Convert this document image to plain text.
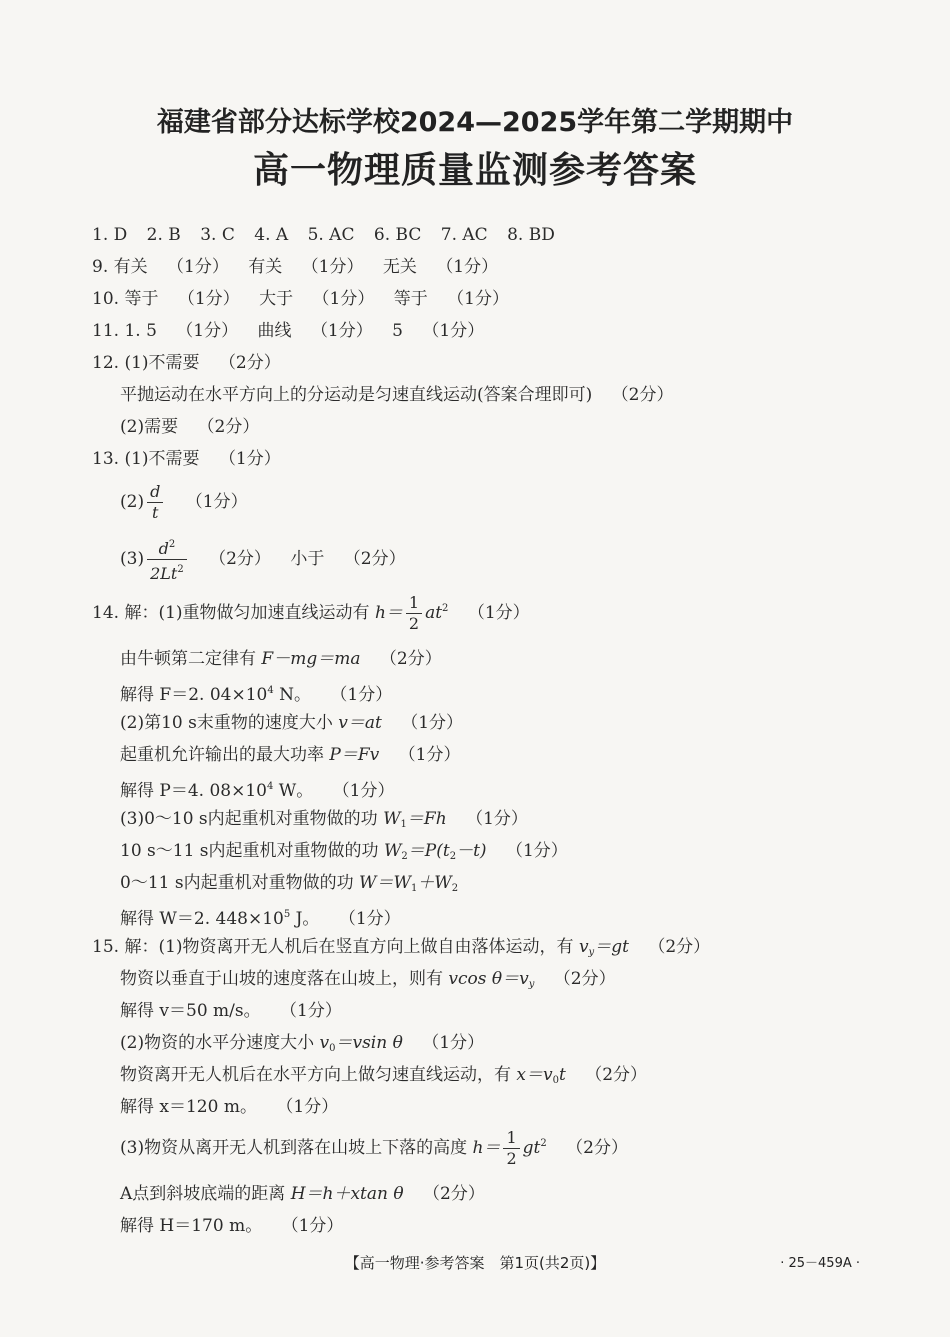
福建省部分达标学校2024—2025学年第二学期期中
高一物理质量监测参考答案
1. D 2. B 3. C 4. A 5. AC 6. BC 7. AC 8. BD
9. 有关 （1分） 有关 （1分） 无关 （1分）
10. 等于 （1分） 大于 （1分） 等于 （1分）
11. 1. 5 （1分） 曲线 （1分） 5 （1分）
12. (1)不需要 （2分）
平抛运动在水平方向上的分运动是匀速直线运动(答案合理即可) （2分）
(2)需要 （2分）
13. (1)不需要 （1分）
$(2) \frac{d}{t} (1$分）
$(3) \frac{d^2}{2Lt^2} (2$分） 小于 （2分）
14. 解：(1)重物做匀加速直线运动有 $h= \frac{1}{2} at^2$ （1分）
由牛顿第二定律有 F－mg＝ma （2分）
解得 F＝2. $04\times 10^4$ N。 （1分）
(2)第10 s末重物的速度大小 v＝at （1分）
起重机允许输出的最大功率 P＝Fv （1分）
解得 P＝4. $08\times 10^4$ W。 （1分）
(3)0～10 s内起重机对重物做的功 $W_1=Fh$ （1分）
10 s～11 s内起重机对重物做的功 $W_2=P(t_2-t)$ （1分）
0～11 s内起重机对重物做的功 $W=W_1+W_2$
解得 W＝2. $448\times 10^5$ J。 （1分）
15. 解：(1)物资离开无人机后在竖直方向上做自由落体运动，有 $v_y=gt$ （2分）
物资以垂直于山坡的速度落在山坡上，则有 vcos $\theta=v_y$ （2分）
解得 v＝50 m/s。 （1分）
(2)物资的水平分速度大小 $v_0=vsin$ θ （1分）
物资离开无人机后在水平方向上做匀速直线运动，有 $x=v_0t$ （2分）
解得 x＝120 m。 （1分）
(3)物资从离开无人机到落在山坡上下落的高度 $h= \frac{1}{2} gt^2$ （2分）
A点到斜坡底端的距离 H＝h＋xtan θ （2分）
解得 H＝170 m。 （1分）
【高一物理·参考答案　第1页(共2页)】	· 25－459A ·
